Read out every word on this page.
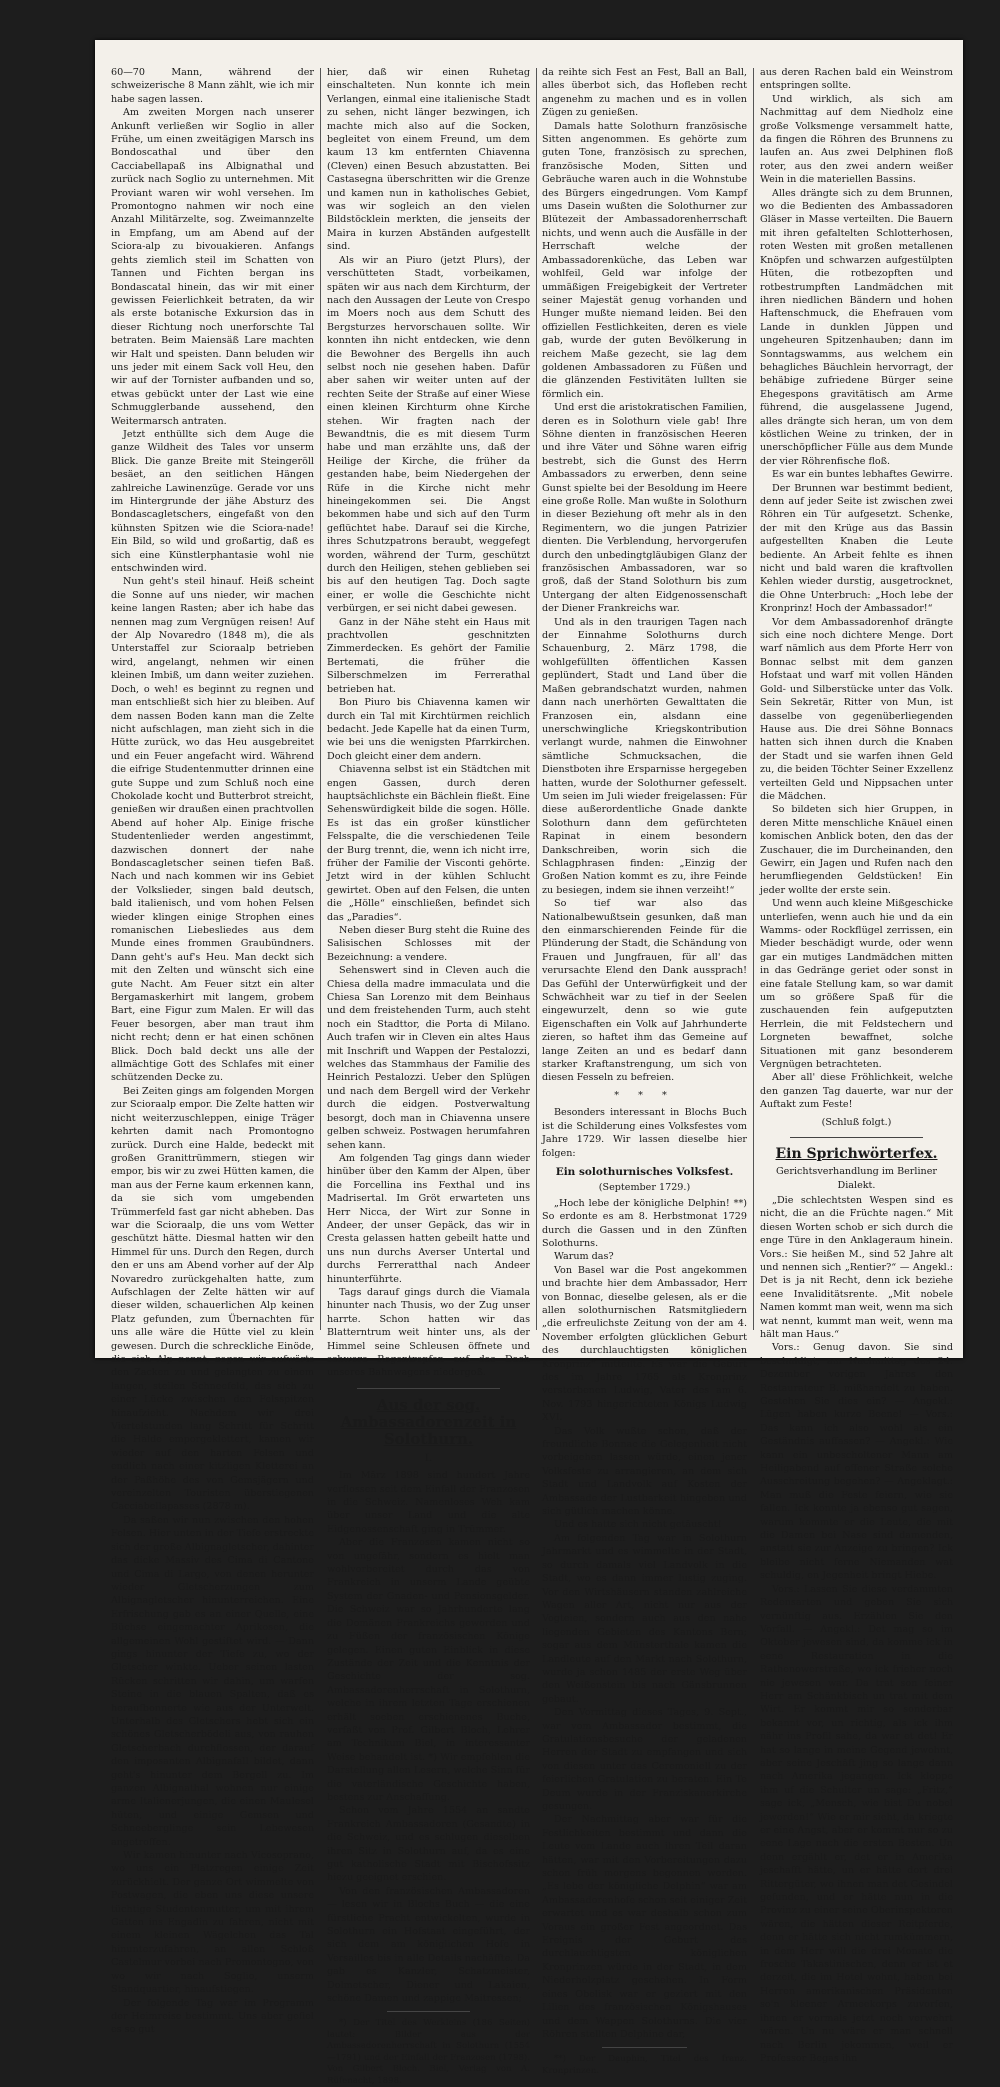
60—70 Mann, während der schweizerische 8 Mann zählt, wie ich mir habe sagen lassen.

Am zweiten Morgen nach unserer Ankunft verließen wir Soglio in aller Frühe, um einen zweitägigen Marsch ins Bondoscathal und über den Cacciabellapaß ins Albignathal und zurück nach Soglio zu unternehmen. Mit Proviant waren wir wohl versehen. Im Promontogno nahmen wir noch eine Anzahl Militärzelte, sog. Zweimannzelte in Empfang, um am Abend auf der Sciora-alp zu bivouakieren. Anfangs gehts ziemlich steil im Schatten von Tannen und Fichten bergan ins Bondascatal hinein, das wir mit einer gewissen Feierlichkeit betraten, da wir als erste botanische Exkursion das in dieser Richtung noch unerforschte Tal betraten. Beim Maiensäß Lare machten wir Halt und speisten. Dann beluden wir uns jeder mit einem Sack voll Heu, den wir auf der Tornister aufbanden und so, etwas gebückt unter der Last wie eine Schmugglerbande aussehend, den Weitermarsch antraten.

Jetzt enthüllte sich dem Auge die ganze Wildheit des Tales vor unserm Blick. Die ganze Breite mit Steingeröll besäet, an den seitlichen Hängen zahlreiche Lawinenzüge. Gerade vor uns im Hintergrunde der jähe Absturz des Bondascagletschers, eingefaßt von den kühnsten Spitzen wie die Sciora-nade! Ein Bild, so wild und großartig, daß es sich eine Künstlerphantasie wohl nie entschwinden wird.

Nun geht's steil hinauf. Heiß scheint die Sonne auf uns nieder, wir machen keine langen Rasten; aber ich habe das nennen mag zum Vergnügen reisen! Auf der Alp Novaredro (1848 m), die als Unterstaffel zur Scioraalp betrieben wird, angelangt, nehmen wir einen kleinen Imbiß, um dann weiter zuziehen. Doch, o weh! es beginnt zu regnen und man entschließt sich hier zu bleiben. Auf dem nassen Boden kann man die Zelte nicht aufschlagen, man zieht sich in die Hütte zurück, wo das Heu ausgebreitet und ein Feuer angefacht wird. Während die eifrige Studentenmutter drinnen eine gute Suppe und zum Schluß noch eine Chokolade kocht und Butterbrot streicht, genießen wir draußen einen prachtvollen Abend auf hoher Alp. Einige frische Studentenlieder werden angestimmt, dazwischen donnert der nahe Bondascagletscher seinen tiefen Baß. Nach und nach kommen wir ins Gebiet der Volkslieder, singen bald deutsch, bald italienisch, und vom hohen Felsen wieder klingen einige Strophen eines romanischen Liebesliedes aus dem Munde eines frommen Graubündners. Dann geht's auf's Heu. Man deckt sich mit den Zelten und wünscht sich eine gute Nacht. Am Feuer sitzt ein alter Bergamaskerhirt mit langem, grobem Bart, eine Figur zum Malen. Er will das Feuer besorgen, aber man traut ihm nicht recht; denn er hat einen schönen Blick. Doch bald deckt uns alle der allmächtige Gott des Schlafes mit einer schützenden Decke zu.

Bei Zeiten gings am folgenden Morgen zur Scioraalp empor. Die Zelte hatten wir nicht weiterzuschleppen, einige Träger kehrten damit nach Promontogno zurück. Durch eine Halde, bedeckt mit großen Granittrümmern, stiegen wir empor, bis wir zu zwei Hütten kamen, die man aus der Ferne kaum erkennen kann, da sie sich vom umgebenden Trümmerfeld fast gar nicht abheben. Das war die Scioraalp, die uns vom Wetter geschützt hätte. Diesmal hatten wir den Himmel für uns. Durch den Regen, durch den er uns am Abend vorher auf der Alp Novaredro zurückgehalten hatte, zum Aufschlagen der Zelte hätten wir auf dieser wilden, schauerlichen Alp keinen Platz gefunden, zum Übernachten für uns alle wäre die Hütte viel zu klein gewesen. Durch die schreckliche Einöde, die sich Alp nennt, zogen wir aufwärts den Zacken zu und gelangten zu einem langen, steilen Schneefeld, das sich zu einer Lücke zwischen den Felsspitzen hinaufzieht. Nachdem wir drei Viertelstunden lang Schritt für Schritt die Halde emporgeklettert, kamen wir wieder auf den harten Felsen und endlich nach einer kitzligen Kletterei an der Paßhöhe des von Gemsjägern und vereinzelten Touristen überstiegenen Cacciabellapasses (2878 m).

Da saßen wir nun zwischen den hohen Felsen. Hier unten in der Tiefe erstreckte sich der große Albignagletscher, dahinter das dicke Massiv des Cima di Cantone und Cima di Largo, von denen herunter wieder Gletscherzungen zum Albignagletscher hinunterreichen. Eine Erfrischung gab es an einer Quelle, eine Büchse eingemachter Aprikosen, die allgemeinen Wohl gestiftet wird. — Dann gings hinunter der Tiefe zu, wo der Gletscher winkte. Ueber seinen lasten Rücken schritten wir dahin, um warfen Steine in die blauen Spalten, daß es heraufbonnerte wie aus der Unterwelt. Unterhalb des Gletschers hebt sich ein schönes Gletscherbödeli aus, von rauhen Gletscherbach durchflossen, der darauf den imposanten Albignafall bildet, dann geht's hinunter dem Bergell zu. Im ganzen Albignathal wohnen nur einige arme Italienerjungen, die einen Maulesel hüten, und einige Gemsen und Schneeberglinge sein Lebewesen angetroffen.

Wir kamen hinunter nach Vicosoprano, wo uns ein Platzregen einige Zeit zurückhielt. Der ganze Ort wimmelte von Postwagen, die eben uns diese unsere tüchtige Studentenmutter, um mit ihrem Gatten ins Engadin zu fahren, nicht mit einem kleinen Wägelchen das Tal hinunterzufahren, an allen Schloß Castelmur vorbei nach Promontogno, von wo wir nach Soglio, unserm Standquartier, hinaufstiegen.

Der folgende Tag war im Programm der Heimreise bestimmt. Uns aber gefiel es so gut

hier, daß wir einen Ruhetag einschalteten. Nun konnte ich mein Verlangen, einmal eine italienische Stadt zu sehen, nicht länger bezwingen, ich machte mich also auf die Socken, begleitet von einem Freund, um dem kaum 13 km entfernten Chiavenna (Cleven) einen Besuch abzustatten. Bei Castasegna überschritten wir die Grenze und kamen nun in katholisches Gebiet, was wir sogleich an den vielen Bildstöcklein merkten, die jenseits der Maira in kurzen Abständen aufgestellt sind.

Als wir an Piuro (jetzt Plurs), der verschütteten Stadt, vorbeikamen, späten wir aus nach dem Kirchturm, der nach den Aussagen der Leute von Crespo im Moers noch aus dem Schutt des Bergsturzes hervorschauen sollte. Wir konnten ihn nicht entdecken, wie denn die Bewohner des Bergells ihn auch selbst noch nie gesehen haben. Dafür aber sahen wir weiter unten auf der rechten Seite der Straße auf einer Wiese einen kleinen Kirchturm ohne Kirche stehen. Wir fragten nach der Bewandtnis, die es mit diesem Turm habe und man erzählte uns, daß der Heilige der Kirche, die früher da gestanden habe, beim Niedergehen der Rüfe in die Kirche nicht mehr hineingekommen sei. Die Angst bekommen habe und sich auf den Turm geflüchtet habe. Darauf sei die Kirche, ihres Schutzpatrons beraubt, weggefegt worden, während der Turm, geschützt durch den Heiligen, stehen geblieben sei bis auf den heutigen Tag. Doch sagte einer, er wolle die Geschichte nicht verbürgen, er sei nicht dabei gewesen.

Ganz in der Nähe steht ein Haus mit prachtvollen geschnitzten Zimmerdecken. Es gehört der Familie Bertemati, die früher die Silberschmelzen im Ferrerathal betrieben hat.

Bon Piuro bis Chiavenna kamen wir durch ein Tal mit Kirchtürmen reichlich bedacht. Jede Kapelle hat da einen Turm, wie bei uns die wenigsten Pfarrkirchen. Doch gleicht einer dem andern.

Chiavenna selbst ist ein Städtchen mit engen Gassen, durch deren hauptsächlichste ein Bächlein fließt. Eine Sehenswürdigkeit bilde die sogen. Hölle. Es ist das ein großer künstlicher Felsspalte, die die verschiedenen Teile der Burg trennt, die, wenn ich nicht irre, früher der Familie der Visconti gehörte. Jetzt wird in der kühlen Schlucht gewirtet. Oben auf den Felsen, die unten die „Hölle“ einschließen, befindet sich das „Paradies“.

Neben dieser Burg steht die Ruine des Salisischen Schlosses mit der Bezeichnung: a vendere.

Sehenswert sind in Cleven auch die Chiesa della madre immaculata und die Chiesa San Lorenzo mit dem Beinhaus und dem freistehenden Turm, auch steht noch ein Stadttor, die Porta di Milano. Auch trafen wir in Cleven ein altes Haus mit Inschrift und Wappen der Pestalozzi, welches das Stammhaus der Familie des Heinrich Pestalozzi. Ueber den Splügen und nach dem Bergell wird der Verkehr durch die eidgen. Postverwaltung besorgt, doch man in Chiavenna unsere gelben schweiz. Postwagen herumfahren sehen kann.

Am folgenden Tag gings dann wieder hinüber über den Kamm der Alpen, über die Forcellina ins Fexthal und ins Madrisertal. Im Gröt erwarteten uns Herr Nicca, der Wirt zur Sonne in Andeer, der unser Gepäck, das wir in Cresta gelassen hatten gebeilt hatte und uns nun durchs Averser Untertal und durchs Ferreratthal nach Andeer hinunterführte.

Tags darauf gings durch die Viamala hinunter nach Thusis, wo der Zug unser harrte. Schon hatten wir das Blatterntrum weit hinter uns, als der Himmel seine Schleusen öffnete und schwere Regentropfen auf das Dach unseres Bahnwagens niedergoß.

Aus der sog. Ambassadorenzeit in Solothurn.
I.

Im März 1898 sind hundert Jahre verflossen seit dem Einfall der Franzosen in die Schweiz. Namenloses Weh kam über unser Land und die alte Eidgenossenschaft ging in Trümmer.

Aber die Franzosen kamen nicht so von ungefähr, sondern es hielt man wohlvorbereitet durch das von Frankreich in unserm Lande geübte System der Gnaden- und Pensionsgelder. Die Schweiz war so Jahrhunderte lang die Domänen Frankreichs geworden und zu Füßen der französischen Könige gelegen. Einen guten Einblick in diese Zustände der Zeit und die Kenntnis der Geschichte der sog. Ambassadorenherrschaft in Solothurn, welche in ihrem letzten Tage erschienen erhält soeben erschienenes Buche, verfaßt von Prof. Gilbert Bloch, Lehrer am Technikum Biel, in interessanter Weise behandelt ist. *) Wir empfehlen die Darstellung allen Lesern, welche Sinn für die vaterländische Geschichte haben, bestens zur Anschaffung.

Schon vom Jahre 1554 an sandte Frankreich Ambassadoren (Gesandte) in die Schweiz, und es schlugen dieselben ihren Sitz in Solothurn auf, da es eine gut katholische Stadt mit Bischofssitz hiezu geeignet erschien.

Von den französischen Ambassadoren — lesen wir in Blochs Buch — die eine fürstliche Pracht entwickelten, wurde in Solothurn ein Hofstaat eingeführt, der sich dem am königlichen Hofe in Versailles bis in alle Details nachäffte. Da gab es Kanzler, Schatzmeister, Dolmetscher, Diener und Lakaien, schöne Damen und zappige Maitressen;

*) Der Titel des Werkleins (186 Seiten) lautet: Bilder aus der Ambassadorenherrschaft in Solothurn (1554—1791) und der Einfall der Franzosen (1798). Von Gilbert Bloch. Biel, Verlag von A. Rüfenacht, 1898.

da reihte sich Fest an Fest, Ball an Ball, alles überbot sich, das Hofleben recht angenehm zu machen und es in vollen Zügen zu genießen.

Damals hatte Solothurn französische Sitten angenommen. Es gehörte zum guten Tone, französisch zu sprechen, französische Moden, Sitten und Gebräuche waren auch in die Wohnstube des Bürgers eingedrungen. Vom Kampf ums Dasein wußten die Solothurner zur Blütezeit der Ambassadorenherrschaft nichts, und wenn auch die Ausfälle in der Herrschaft welche der Ambassadorenküche, das Leben war wohlfeil, Geld war infolge der ummäßigen Freigebigkeit der Vertreter seiner Majestät genug vorhanden und Hunger mußte niemand leiden. Bei den offiziellen Festlichkeiten, deren es viele gab, wurde der guten Bevölkerung in reichem Maße gezecht, sie lag dem goldenen Ambassadoren zu Füßen und die glänzenden Festivitäten lullten sie förmlich ein.

Und erst die aristokratischen Familien, deren es in Solothurn viele gab! Ihre Söhne dienten in französischen Heeren und ihre Väter und Söhne waren eifrig bestrebt, sich die Gunst des Herrn Ambassadors zu erwerben, denn seine Gunst spielte bei der Besoldung im Heere eine große Rolle. Man wußte in Solothurn in dieser Beziehung oft mehr als in den Regimentern, wo die jungen Patrizier dienten. Die Verblendung, hervorgerufen durch den unbedingtgläubigen Glanz der französischen Ambassadoren, war so groß, daß der Stand Solothurn bis zum Untergang der alten Eidgenossenschaft der Diener Frankreichs war.

Und als in den traurigen Tagen nach der Einnahme Solothurns durch Schauenburg, 2. März 1798, die wohlgefüllten öffentlichen Kassen geplündert, Stadt und Land über die Maßen gebrandschatzt wurden, nahmen dann nach unerhörten Gewalttaten die Franzosen ein, alsdann eine unerschwingliche Kriegskontribution verlangt wurde, nahmen die Einwohner sämtliche Schmucksachen, die Dienstboten ihre Ersparnisse hergegeben hatten, wurde der Solothurner gefesselt. Um seien im Juli wieder freigelassen: Für diese außerordentliche Gnade dankte Solothurn dann dem gefürchteten Rapinat in einem besondern Dankschreiben, worin sich die Schlagphrasen finden: „Einzig der Großen Nation kommt es zu, ihre Feinde zu besiegen, indem sie ihnen verzeiht!“

So tief war also das Nationalbewußtsein gesunken, daß man den einmarschierenden Feinde für die Plünderung der Stadt, die Schändung von Frauen und Jungfrauen, für all' das verursachte Elend den Dank aussprach! Das Gefühl der Unterwürfigkeit und der Schwächheit war zu tief in der Seelen eingewurzelt, denn so wie gute Eigenschaften ein Volk auf Jahrhunderte zieren, so haftet ihm das Gemeine auf lange Zeiten an und es bedarf dann starker Kraftanstrengung, um sich von diesen Fesseln zu befreien.

* * *

Besonders interessant in Blochs Buch ist die Schilderung eines Volksfestes vom Jahre 1729. Wir lassen dieselbe hier folgen:

Ein solothurnisches Volksfest.
(September 1729.)

„Hoch lebe der königliche Delphin! **) So erdonte es am 8. Herbstmonat 1729 durch die Gassen und in den Zünften Solothurns.

Warum das?

Von Basel war die Post angekommen und brachte hier dem Ambassador, Herr von Bonnac, dieselbe gelesen, als er die allen solothurnischen Ratsmitgliedern „die erfreulichste Zeitung von der am 4. November erfolgten glücklichen Geburt des durchlauchtigsten königlichen Kronprinz“ mitteilte. Es war die Geburt des im Jahre 1765 als Kronprinz verstorbenen Ludwig, Vater des am 6. Nov. 1793 hingerichteten Königs Ludwig XVI.

Das Volk wußte schon, daß der freundliche Bonnac die Gelegenheit nicht vorbeigehen lassen würde, einen jener Volksfeste zu arrangieren, an dem sich Stadt und Landvolk auf Kosten der Ambassade der Lustbarkeit hingeben und sich gütlich machen könne.

Und es hatte sich nicht getäuscht!

Am folgenden Tag war in Solothurn Jahrmarkt und es wimmelte in der Stadt, so durch damals viel Landvolk in die Stadt, wo es dann immer lustig zuging. Vor den Wirtshäusern standen zahlreiche Wagen aller Art, nicht nur aus der Vogteien, sondern auch aus den nahe liegenden Gebieten des Kantons Bern; sogar aus dem Münsterthale kamen die Landleute auf den Markt nach Solothurn, wurde ja schon 1485 der erste Weg über den Weißenstein bis nach Gänsbrunnen gebaut.

Den Vormittag dieses Tages, 9. Sept., war vom Ambassador bestimmt, die Gratulationsbesuche der geladenen Herren der Stadt zu empfangen und sich von diesen unter das Ceremoniell zu der feierlichen Gratulation zu beraten. Ein Te Deum wurde in der Franziskanerkirche gesungen.

Der Nachmittag aber war für die Festlichkeiten bestimmt und dann die Leute vom Lande auch ihren Teil daran hätten, war mit den Vorbereitungen dazu schon früh morgens begonnen worden. „Es lebe der königliche Delphin“ war am Ambassadorenhofe schon seit einiger Zeit erwartet und es war deshalb schon zum Voraus ein großer Fest angeordnet. Das Ereignis der Geburt des durchlauchtigsten königlichen Kronprinzen würde in der Stadt, in dem Niederholzplatz geschehen. In Form eines Obelisk war er geziert mit den Lilien des französischen Königshauses und dem Wappen Solothurns. Die vier Röhren stellten Delphine dar,

**) Der Dauphin, Titel des franz. Kronprinzen.

aus deren Rachen bald ein Weinstrom entspringen sollte.

Und wirklich, als sich am Nachmittag auf dem Niedholz eine große Volksmenge versammelt hatte, da fingen die Röhren des Brunnens zu laufen an. Aus zwei Delphinen floß roter, aus den zwei andern weißer Wein in die materiellen Bassins.

Alles drängte sich zu dem Brunnen, wo die Bedienten des Ambassadoren Gläser in Masse verteilten. Die Bauern mit ihren gefaltelten Schlotterhosen, roten Westen mit großen metallenen Knöpfen und schwarzen aufgestülpten Hüten, die rotbezopften und rotbestrumpften Landmädchen mit ihren niedlichen Bändern und hohen Haftenschmuck, die Ehefrauen vom Lande in dunklen Jüppen und ungeheuren Spitzenhauben; dann im Sonntagswamms, aus welchem ein behagliches Bäuchlein hervorragt, der behäbige zufriedene Bürger seine Ehegespons gravitätisch am Arme führend, die ausgelassene Jugend, alles drängte sich heran, um von dem köstlichen Weine zu trinken, der in unerschöpflicher Fülle aus dem Munde der vier Röhrenfische floß.

Es war ein buntes lebhaftes Gewirre.

Der Brunnen war bestimmt bedient, denn auf jeder Seite ist zwischen zwei Röhren ein Tür aufgesetzt. Schenke, der mit den Krüge aus das Bassin aufgestellten Knaben die Leute bediente. An Arbeit fehlte es ihnen nicht und bald waren die kraftvollen Kehlen wieder durstig, ausgetrocknet, die Ohne Unterbruch: „Hoch lebe der Kronprinz! Hoch der Ambassador!“

Vor dem Ambassadorenhof drängte sich eine noch dichtere Menge. Dort warf nämlich aus dem Pforte Herr von Bonnac selbst mit dem ganzen Hofstaat und warf mit vollen Händen Gold- und Silberstücke unter das Volk. Sein Sekretär, Ritter von Mun, ist dasselbe von gegenüberliegenden Hause aus. Die drei Söhne Bonnacs hatten sich ihnen durch die Knaben der Stadt und sie warfen ihnen Geld zu, die beiden Töchter Seiner Exzellenz verteilten Geld und Nippsachen unter die Mädchen.

So bildeten sich hier Gruppen, in deren Mitte menschliche Knäuel einen komischen Anblick boten, den das der Zuschauer, die im Durcheinanden, den Gewirr, ein Jagen und Rufen nach den herumfliegenden Geldstücken! Ein jeder wollte der erste sein.

Und wenn auch kleine Mißgeschicke unterliefen, wenn auch hie und da ein Wamms- oder Rockflügel zerrissen, ein Mieder beschädigt wurde, oder wenn gar ein mutiges Landmädchen mitten in das Gedränge geriet oder sonst in eine fatale Stellung kam, so war damit um so größere Spaß für die zuschauenden fein aufgeputzten Herrlein, die mit Feldstechern und Lorgneten bewaffnet, solche Situationen mit ganz besonderem Vergnügen betrachteten.

Aber all' diese Fröhlichkeit, welche den ganzen Tag dauerte, war nur der Auftakt zum Feste!

(Schluß folgt.)
Ein Sprichwörterfex.
Gerichtsverhandlung im Berliner Dialekt.

„Die schlechtsten Wespen sind es nicht, die an die Früchte nagen.“ Mit diesen Worten schob er sich durch die enge Türe in den Anklageraum hinein. Vors.: Sie heißen M., sind 52 Jahre alt und nennen sich „Rentier?“ — Angekl.: Det is ja nit Recht, denn ick beziehe eene Invaliditätsrente. „Mit nobele Namen kommt man weit, wenn ma sich wat nennt, kummt man weit, wenn ma hält man Haus.“

Vors.: Genug davon. Sie sind beschuldigt, am Nachmittag des 24. Dezember vorigen Jahres den Restaurateur B. mißhandelt zu haben. Gestehen Sie dies ein? — Angekl.: Lügen haben kurze Beene! — Vors.: Das kann ich also wohl als ein Geständnis auffassen? — Angekl.: Wie kann ein unbescholtener Mann am Heiligabend auf offener Straße solche Ausschreitung begehen? — Angeklagt.: Man muß die Feste feiern, wie sie fallen. Ick konnte ja ebenso gut sagen, warum kommte er die Leute, die mit die Damen bei Nase sind damenden, anstatt sie zur Anzeige zu bringen? Ick bleibe nicht ferne Niemanden wat schuldig, en Jegenheit bringt Hiebe.

Vors.: Lassen Sie diese verdammten Redensarten und geben Sie sich vernünftig aus. Erzählen Sie den Vorfall. — Angekl.: Det mag so im Oktober jewesen sind, da komme ick in eene Restauration in die Rathenowerstraße, wo ick frieher noch nie jewesen war. Da trat son feiner Herr am Schänkbisch un trat mit dem Wirt. Er kommt mir so sonderbar bekannt vor, un richtig, als ick ihm nähr ins Profil sahe, da war et det! Er hat so lange in meine Gegend jewohnt, aber seine Jeschäft jing so lange dann nach Amerika jegangen. Ick kloppe ihm uf die Schulter un sage: „Fritz,“ sage ick, „Mensch, wie bist Du nobel jeworden!“ Wie er mir sieht, da kriegte er eine Angst, aber er kommt nur so zu eene Lage nach die ersten Besten. Un denn ergählt er, det er in Amerika jeschafft hätte, un er hätte dort drei Rittergüter, wo ihnen man det Gesindel gefunden, und er hätte nun in die Provinz zu einer seine Oberinspektoren wären, die hätten dieser Reitpferde, denn er hätte sich nicht rumkümmern, in dem Herr will die drei Monate die frosche Takastinischen, denn er ist et derzeit, die im Hotel wohnt, haben bei Herren amerikanischen Präsidenten so'n kleener Armeekorps zuvorfen, ihnen er vormals jetzt noch verwehrt wären. Un nu wäre er man schnell nach Berlin jekommen, weil er Professor Begas ihn
